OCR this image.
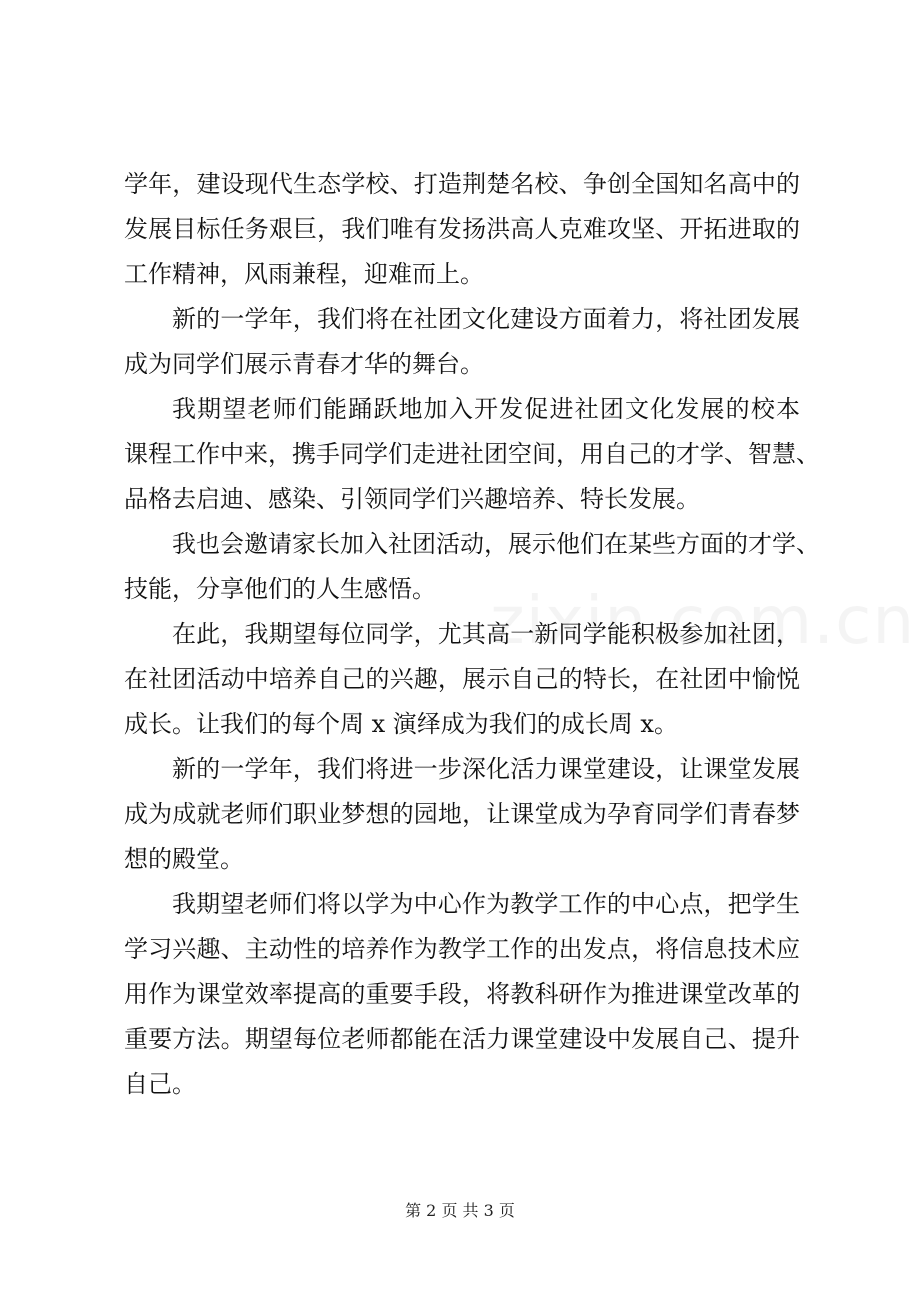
学年，建设现代生态学校、打造荆楚名校、争创全国知名高中的
发展目标任务艰巨，我们唯有发扬洪高人克难攻坚、开拓进取的
工作精神，风雨兼程，迎难而上。
新的一学年，我们将在社团文化建设方面着力，将社团发展
成为同学们展示青春才华的舞台。
我期望老师们能踊跃地加入开发促进社团文化发展的校本
课程工作中来，携手同学们走进社团空间，用自己的才学、智慧、
品格去启迪、感染、引领同学们兴趣培养、特长发展。
我也会邀请家长加入社团活动，展示他们在某些方面的才学、
技能，分享他们的人生感悟。
在此，我期望每位同学，尤其高一新同学能积极参加社团，
在社团活动中培养自己的兴趣，展示自己的特长，在社团中愉悦
成长。让我们的每个周 x 演绎成为我们的成长周 x。
新的一学年，我们将进一步深化活力课堂建设，让课堂发展
成为成就老师们职业梦想的园地，让课堂成为孕育同学们青春梦
想的殿堂。
我期望老师们将以学为中心作为教学工作的中心点，把学生
学习兴趣、主动性的培养作为教学工作的出发点，将信息技术应
用作为课堂效率提高的重要手段，将教科研作为推进课堂改革的
重要方法。期望每位老师都能在活力课堂建设中发展自己、提升
自己。
第 2 页 共 3 页
